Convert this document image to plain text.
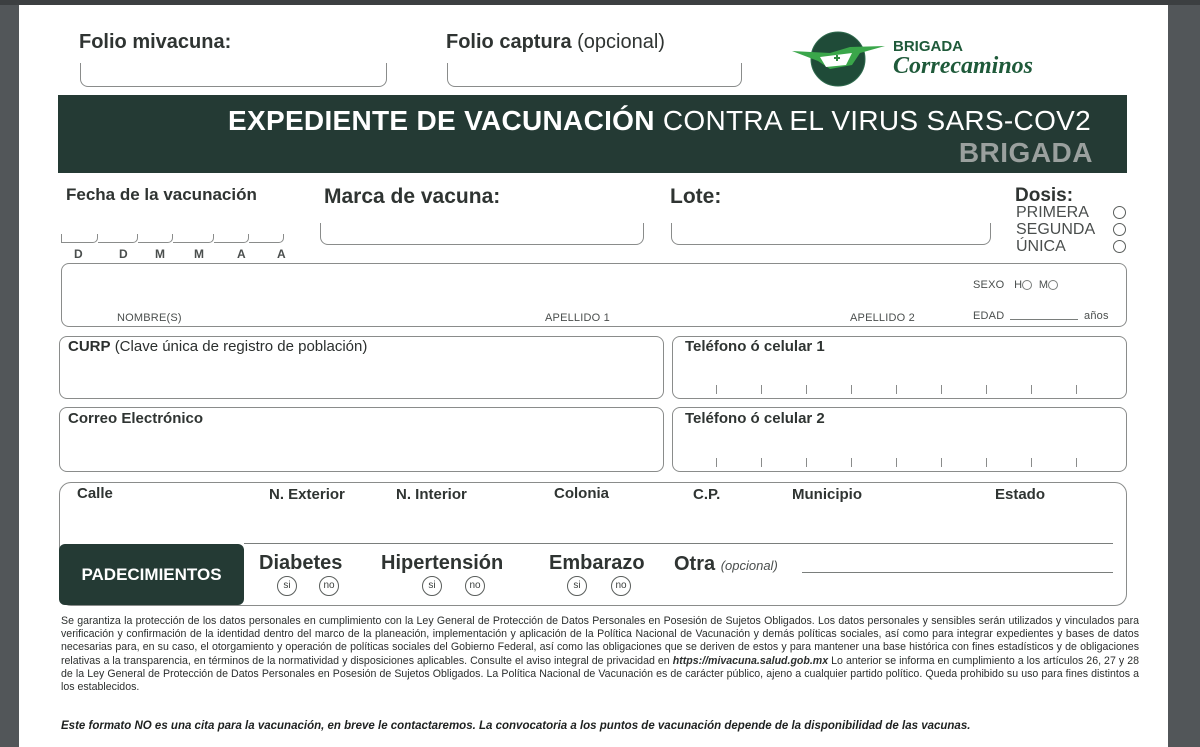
Folio mivacuna:	Folio captura (opcional)	BRIGADA
Correcaminos
EXPEDIENTE DE VACUNACIÓN CONTRA EL VIRUS SARS-COV2
BRIGADA
Fecha de la vacunación
D	D M M	A	A
Marca de vacuna:	Lote:	Dosis:
PRIMERA
SEGUNDA
ÚNICA
NOMBRE(S)	APELLIDO 1	APELLIDO 2
SEXO H M
EDAD	años
CURP (Clave única de registro de población)	Teléfono ó celular 1
Correo Electrónico	Teléfono ó celular 2
Calle	N. Exterior	N. Interior	Colonia	C.P.	Municipio	Estado
PADECIMIENTOS	Diabetes
si	no
Hipertensión
si	no
Embarazo
si	no
Otra (opcional)
Se garantiza la protección de los datos personales en cumplimiento con la Ley General de Protección de Datos Personales en Posesión de Sujetos Obligados. Los datos personales y sensibles serán utilizados y vinculados para verificación y confirmación de la identidad dentro del marco de la planeación, implementación y aplicación de la Política Nacional de Vacunación y demás políticas sociales, así como para integrar expedientes y bases de datos necesarias para, en su caso, el otorgamiento y operación de políticas sociales del Gobierno Federal, así como las obligaciones que se deriven de estos y para mantener una base histórica con fines estadísticos y de obligaciones relativas a la transparencia, en términos de la normatividad y disposiciones aplicables. Consulte el aviso integral de privacidad en https://mivacuna.salud.gob.mx Lo anterior se informa en cumplimiento a los artículos 26, 27 y 28 de la Ley General de Protección de Datos Personales en Posesión de Sujetos Obligados. La Política Nacional de Vacunación es de carácter público, ajeno a cualquier partido político. Queda prohibido su uso para fines distintos a los establecidos.
Este formato NO es una cita para la vacunación, en breve le contactaremos. La convocatoria a los puntos de vacunación depende de la disponibilidad de las vacunas.
